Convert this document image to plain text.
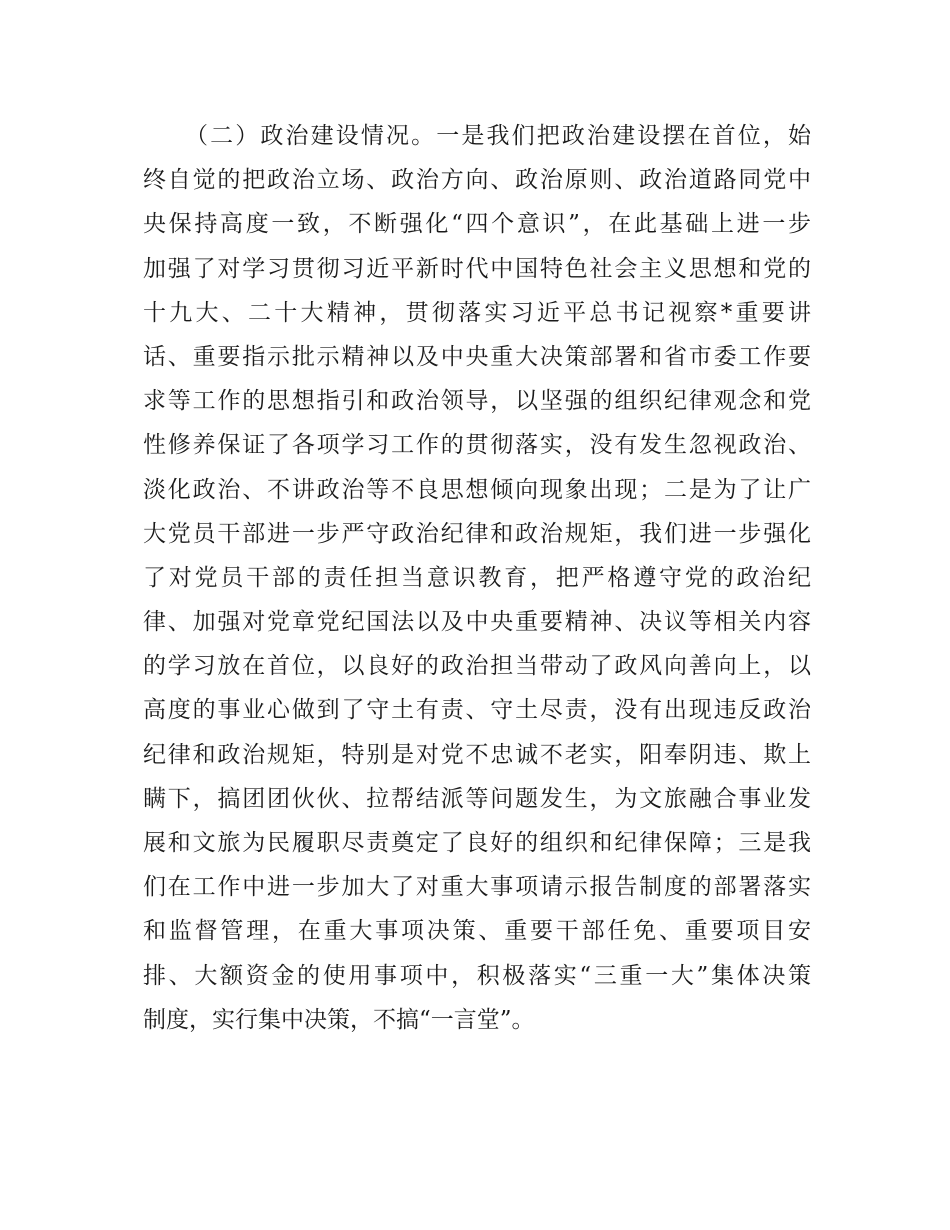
（二）政治建设情况。一是我们把政治建设摆在首位，始
终自觉的把政治立场、政治方向、政治原则、政治道路同党中
央保持高度一致，不断强化“四个意识”，在此基础上进一步
加强了对学习贯彻习近平新时代中国特色社会主义思想和党的
十九大、二十大精神，贯彻落实习近平总书记视察*重要讲
话、重要指示批示精神以及中央重大决策部署和省市委工作要
求等工作的思想指引和政治领导，以坚强的组织纪律观念和党
性修养保证了各项学习工作的贯彻落实，没有发生忽视政治、
淡化政治、不讲政治等不良思想倾向现象出现；二是为了让广
大党员干部进一步严守政治纪律和政治规矩，我们进一步强化
了对党员干部的责任担当意识教育，把严格遵守党的政治纪
律、加强对党章党纪国法以及中央重要精神、决议等相关内容
的学习放在首位，以良好的政治担当带动了政风向善向上，以
高度的事业心做到了守土有责、守土尽责，没有出现违反政治
纪律和政治规矩，特别是对党不忠诚不老实，阳奉阴违、欺上
瞒下，搞团团伙伙、拉帮结派等问题发生，为文旅融合事业发
展和文旅为民履职尽责奠定了良好的组织和纪律保障；三是我
们在工作中进一步加大了对重大事项请示报告制度的部署落实
和监督管理，在重大事项决策、重要干部任免、重要项目安
排、大额资金的使用事项中，积极落实“三重一大”集体决策
制度，实行集中决策，不搞“一言堂”。
